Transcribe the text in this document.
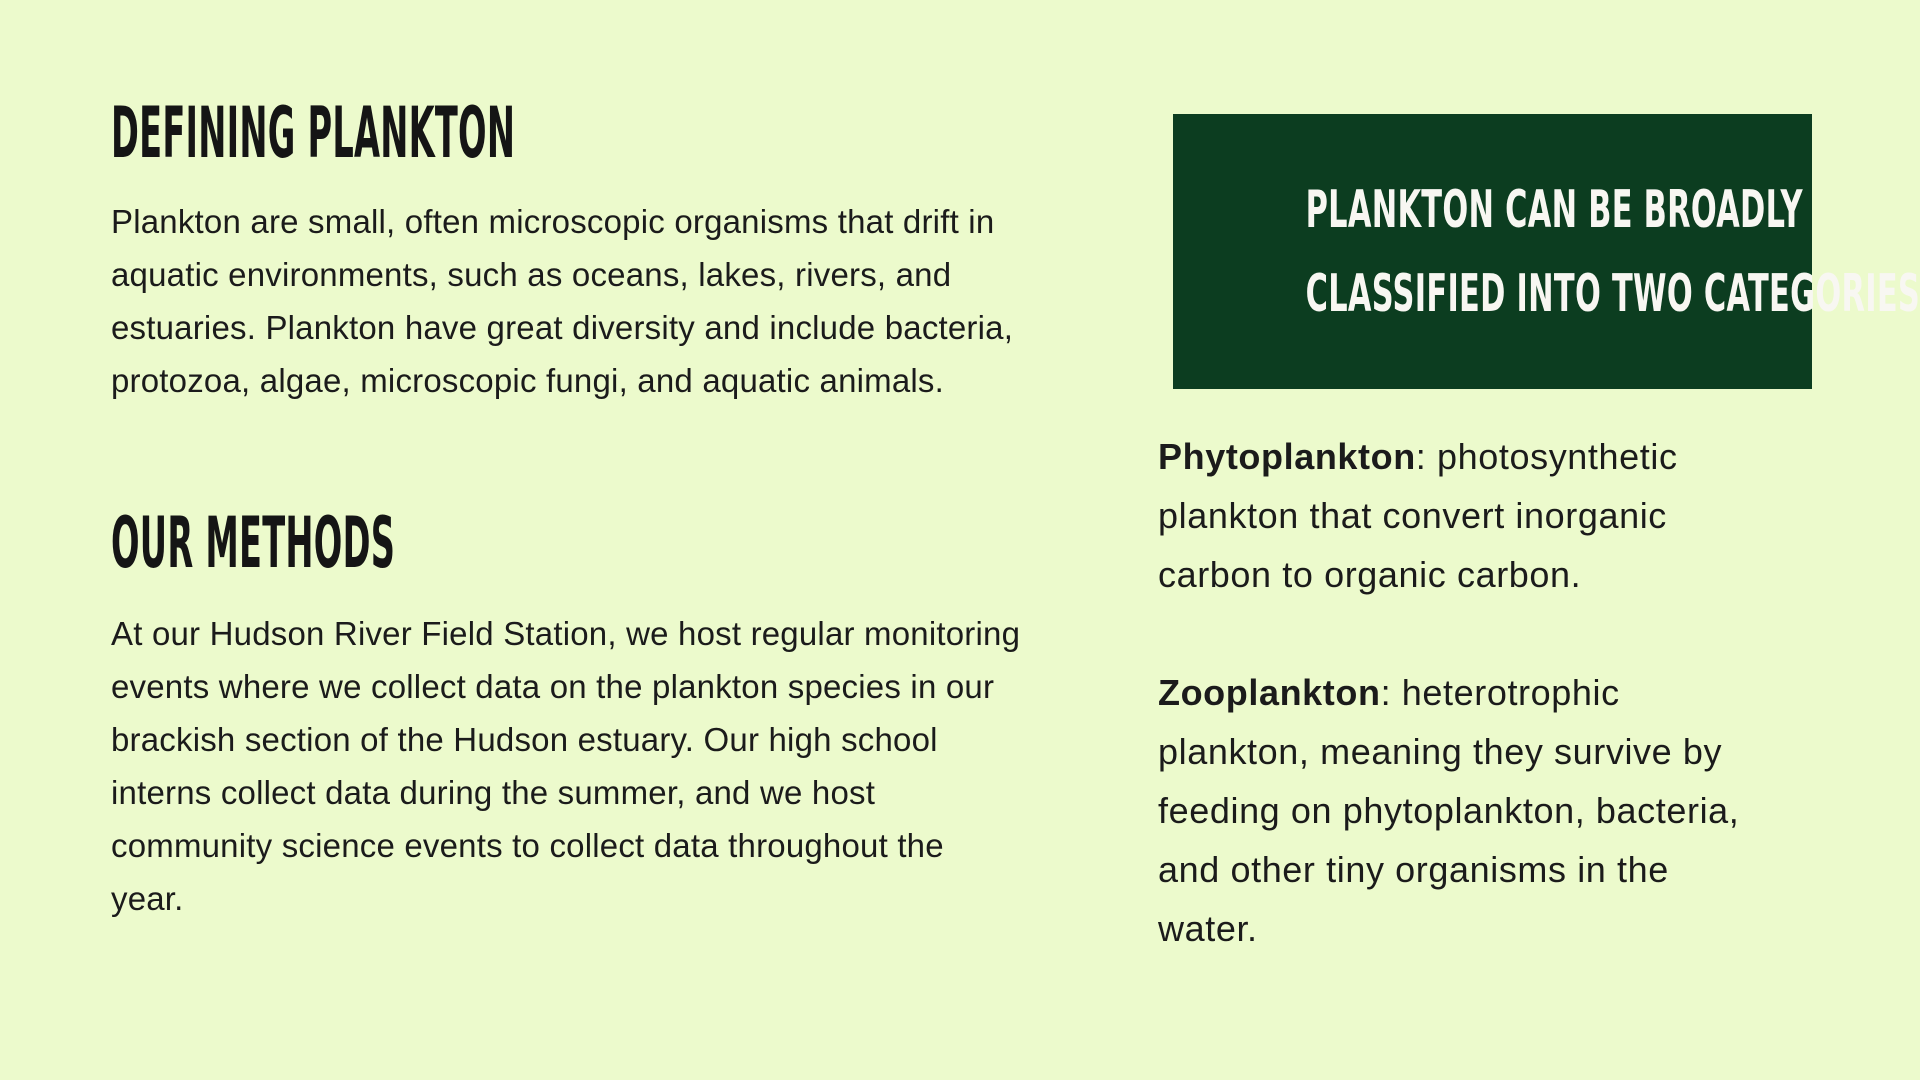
DEFINING PLANKTON
Plankton are small, often microscopic organisms that drift in
aquatic environments, such as oceans, lakes, rivers, and
estuaries. Plankton have great diversity and include bacteria,
protozoa, algae, microscopic fungi, and aquatic animals.
OUR METHODS
At our Hudson River Field Station, we host regular monitoring
events where we collect data on the plankton species in our
brackish section of the Hudson estuary. Our high school
interns collect data during the summer, and we host
community science events to collect data throughout the
year.
PLANKTON CAN BE BROADLY
CLASSIFIED INTO TWO CATEGORIES
Phytoplankton: photosynthetic
plankton that convert inorganic
carbon to organic carbon.
Zooplankton: heterotrophic
plankton, meaning they survive by
feeding on phytoplankton, bacteria,
and other tiny organisms in the
water.
